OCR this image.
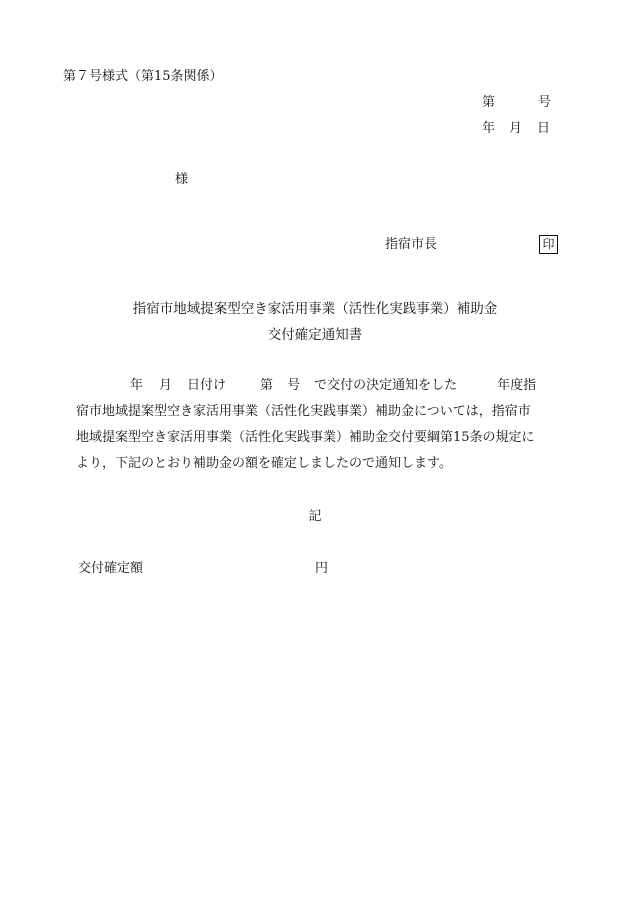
第７号様式（第15条関係）
第	号
年 月 日
様
指宿市長	印
指宿市地域提案型空き家活用事業（活性化実践事業）補助金
交付確定通知書
年 月 日付け	第 号 で交付の決定通知をした	年度指
宿市地域提案型空き家活用事業（活性化実践事業）補助金については，指宿市
地域提案型空き家活用事業（活性化実践事業）補助金交付要綱第15条の規定に
より，下記のとおり補助金の額を確定しましたので通知します。
記
交付確定額	円
